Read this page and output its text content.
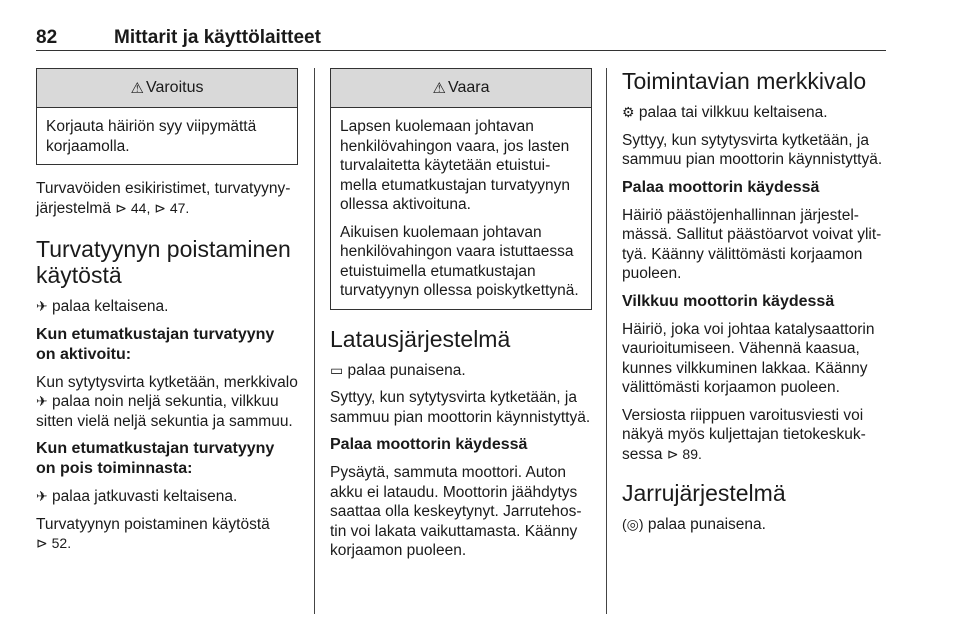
82	Mittarit ja käyttölaitteet
⚠ Varoitus

Korjauta häiriön syy viipymättä korjaamolla.

Turvavöiden esikiristimet, turvatyynyjärjestelmä ⊳ 44, ⊳ 47.

Turvatyynyn poistaminen käytöstä

✈ palaa keltaisena.

Kun etumatkustajan turvatyyny on aktivoitu:

Kun sytytysvirta kytketään, merkkivalo ✈ palaa noin neljä sekuntia, vilkkuu sitten vielä neljä sekuntia ja sammuu.

Kun etumatkustajan turvatyyny on pois toiminnasta:

✈ palaa jatkuvasti keltaisena.

Turvatyynyn poistaminen käytöstä
⊳ 52.

⚠ Vaara

Lapsen kuolemaan johtavan henkilövahingon vaara, jos lasten turvalaitetta käytetään etuistuimella etumatkustajan turvatyynyn ollessa aktivoituna.

Aikuisen kuolemaan johtavan henkilövahingon vaara istuttaessa etuistuimella etumatkustajan turvatyynyn ollessa poiskytkettynä.

Latausjärjestelmä

▭ palaa punaisena.

Syttyy, kun sytytysvirta kytketään, ja sammuu pian moottorin käynnistyttyä.

Palaa moottorin käydessä

Pysäytä, sammuta moottori. Auton akku ei lataudu. Moottorin jäähdytys saattaa olla keskeytynyt. Jarrutehostin voi lakata vaikuttamasta. Käänny korjaamon puoleen.

Toimintavian merkkivalo

⚙ palaa tai vilkkuu keltaisena.

Syttyy, kun sytytysvirta kytketään, ja sammuu pian moottorin käynnistyttyä.

Palaa moottorin käydessä

Häiriö päästöjenhallinnan järjestelmässä. Sallitut päästöarvot voivat ylittyä. Käänny välittömästi korjaamon puoleen.

Vilkkuu moottorin käydessä

Häiriö, joka voi johtaa katalysaattorin vaurioitumiseen. Vähennä kaasua, kunnes vilkkuminen lakkaa. Käänny välittömästi korjaamon puoleen.

Versiosta riippuen varoitusviesti voi näkyä myös kuljettajan tietokeskuksessa ⊳ 89.

Jarrujärjestelmä

(◎) palaa punaisena.
